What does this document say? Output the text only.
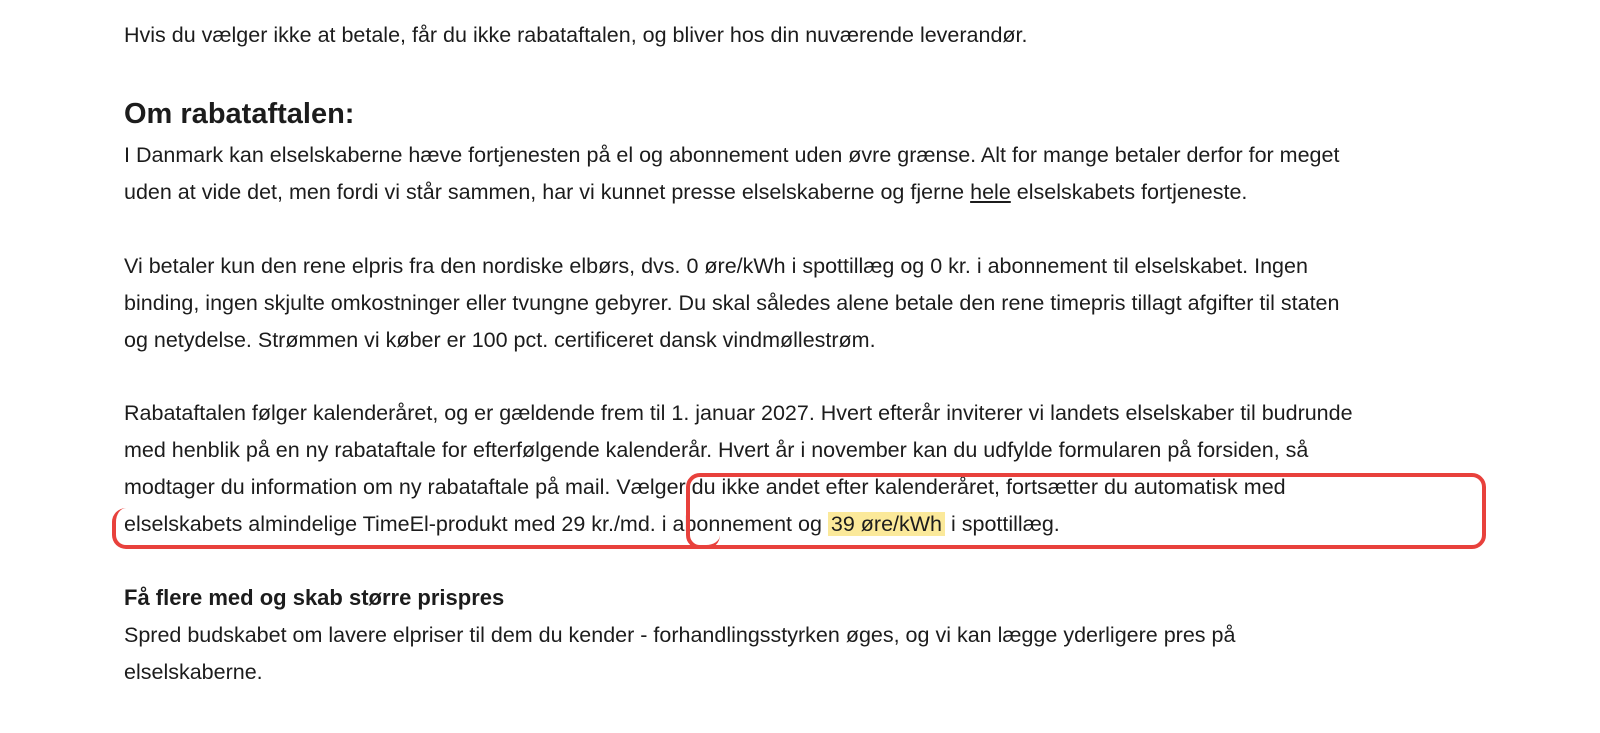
Hvis du vælger ikke at betale, får du ikke rabataftalen, og bliver hos din nuværende leverandør.

Om rabataftalen:

I Danmark kan elselskaberne hæve fortjenesten på el og abonnement uden øvre grænse. Alt for mange betaler derfor for meget
uden at vide det, men fordi vi står sammen, har vi kunnet presse elselskaberne og fjerne hele elselskabets fortjeneste.

Vi betaler kun den rene elpris fra den nordiske elbørs, dvs. 0 øre/kWh i spottillæg og 0 kr. i abonnement til elselskabet. Ingen
binding, ingen skjulte omkostninger eller tvungne gebyrer. Du skal således alene betale den rene timepris tillagt afgifter til staten
og netydelse. Strømmen vi køber er 100 pct. certificeret dansk vindmøllestrøm.

Rabataftalen følger kalenderåret, og er gældende frem til 1. januar 2027. Hvert efterår inviterer vi landets elselskaber til budrunde
med henblik på en ny rabataftale for efterfølgende kalenderår. Hvert år i november kan du udfylde formularen på forsiden, så
modtager du information om ny rabataftale på mail. Vælger du ikke andet efter kalenderåret, fortsætter du automatisk med
elselskabets almindelige TimeEl-produkt med 29 kr./md. i abonnement og 39 øre/kWh i spottillæg.

Få flere med og skab større prispres

Spred budskabet om lavere elpriser til dem du kender - forhandlingsstyrken øges, og vi kan lægge yderligere pres på
elselskaberne.
